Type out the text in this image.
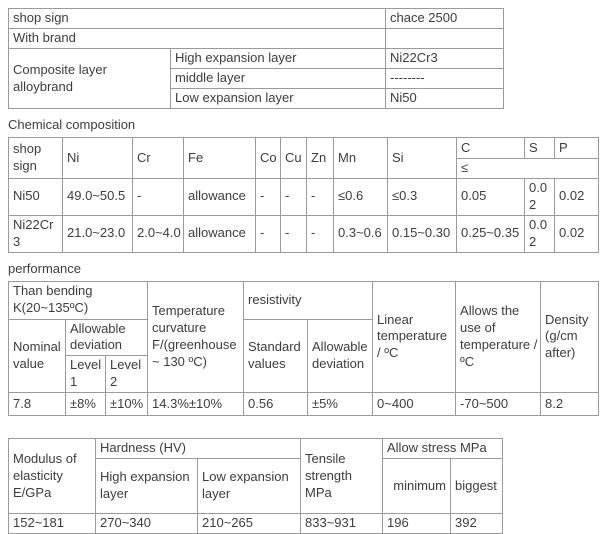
shop sign		chace 2500
With brand		
Composite layer alloybrand	High expansion layer	Ni22Cr3
	middle layer	--------
	Low expansion layer	Ni50
Chemical composition
shop sign	Ni	Cr	Fe	Co	Cu	Zn	Mn	Si	C	S	P
									≤		
Ni50	49.0~50.5	-	allowance	-	-	-	≤0.6	≤0.3	0.05	0.02	0.02
Ni22Cr3	21.0~23.0	2.0~4.0	allowance	-	-	-	0.3~0.6	0.15~0.30	0.25~0.35	0.02	0.02
performance
Than bending K(20~135ºC)			Temperature curvature F/(greenhouse ~ 130 ºC)	resistivity		Linear temperature / ºC	Allows the use of temperature / ºC	Density (g/cm after)
Nominal value	Allowable deviation			Standard values	Allowable deviation			
	Level 1	Level 2						
7.8	±8%	±10%	14.3%±10%	0.56	±5%	0~400	-70~500	8.2
Modulus of elasticity E/GPa	Hardness (HV)		Tensile strength MPa	Allow stress MPa	
	High expansion layer	Low expansion layer		minimum	biggest
152~181	270~340	210~265	833~931	196	392
